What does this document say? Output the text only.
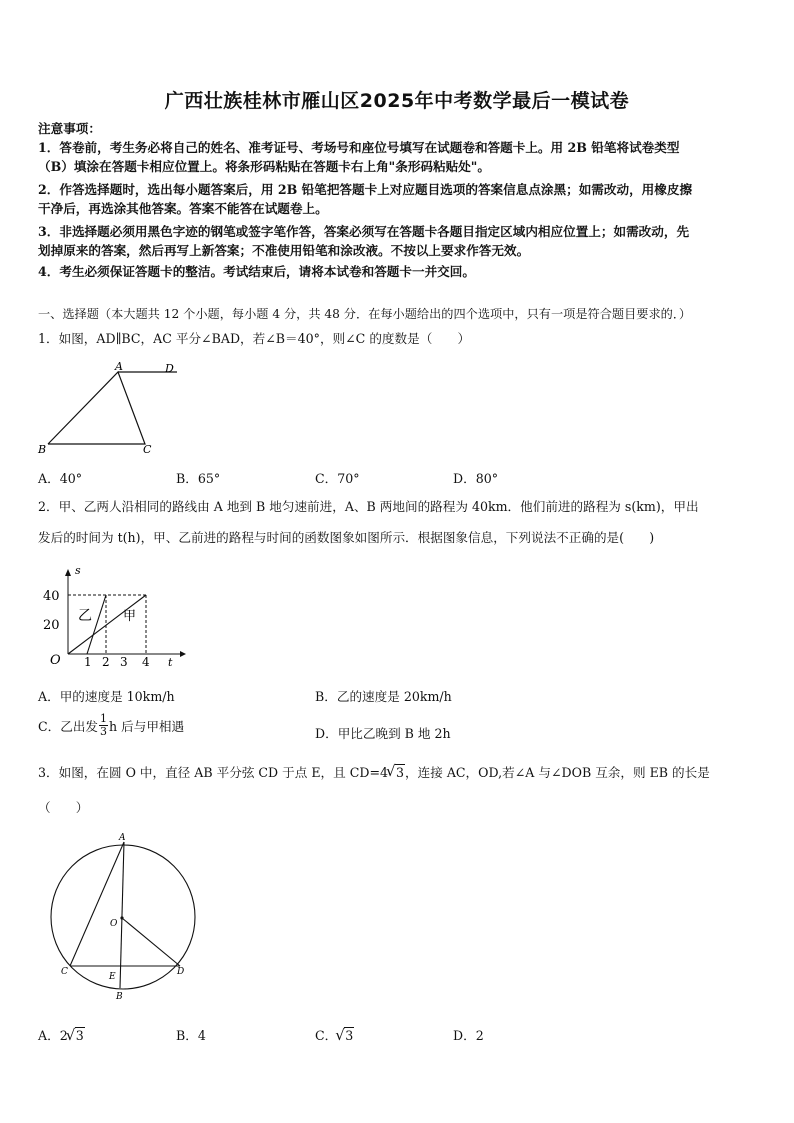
广西壮族桂林市雁山区2025年中考数学最后一模试卷
注意事项：
1．答卷前，考生务必将自己的姓名、准考证号、考场号和座位号填写在试题卷和答题卡上。用 2B 铅笔将试卷类型
（B）填涂在答题卡相应位置上。将条形码粘贴在答题卡右上角"条形码粘贴处"。
2．作答选择题时，选出每小题答案后，用 2B 铅笔把答题卡上对应题目选项的答案信息点涂黑；如需改动，用橡皮擦
干净后，再选涂其他答案。答案不能答在试题卷上。
3．非选择题必须用黑色字迹的钢笔或签字笔作答，答案必须写在答题卡各题目指定区域内相应位置上；如需改动，先
划掉原来的答案，然后再写上新答案；不准使用铅笔和涂改液。不按以上要求作答无效。
4．考生必须保证答题卡的整洁。考试结束后，请将本试卷和答题卡一并交回。
一、选择题（本大题共 12 个小题，每小题 4 分，共 48 分．在每小题给出的四个选项中，只有一项是符合题目要求的．）
1．如图，AD∥BC，AC 平分∠BAD，若∠B＝40°，则∠C 的度数是（　　）
A	D
B	C
A．40°	B．65°	C．70°	D．80°
2．甲、乙两人沿相同的路线由 A 地到 B 地匀速前进，A、B 两地间的路程为 40km．他们前进的路程为 s(km)，甲出
发后的时间为 t(h)，甲、乙前进的路程与时间的函数图象如图所示．根据图象信息，下列说法不正确的是(　　)
s
t
O
40
20
1 2 3 4
乙 甲
A．甲的速度是 10km/h	B．乙的速度是 20km/h
C．乙出发 $\frac{1}{3}$ h 后与甲相遇	D．甲比乙晚到 B 地 2h
3．如图，在圆 O 中，直径 AB 平分弦 CD 于点 E，且 CD=4 √ 3，连接 AC，OD,若∠A 与∠DOB 互余，则 EB 的长是
（　　）
A
O
C	E	D
B
A．2 √ 3	B．4	C． √ 3	D．2
